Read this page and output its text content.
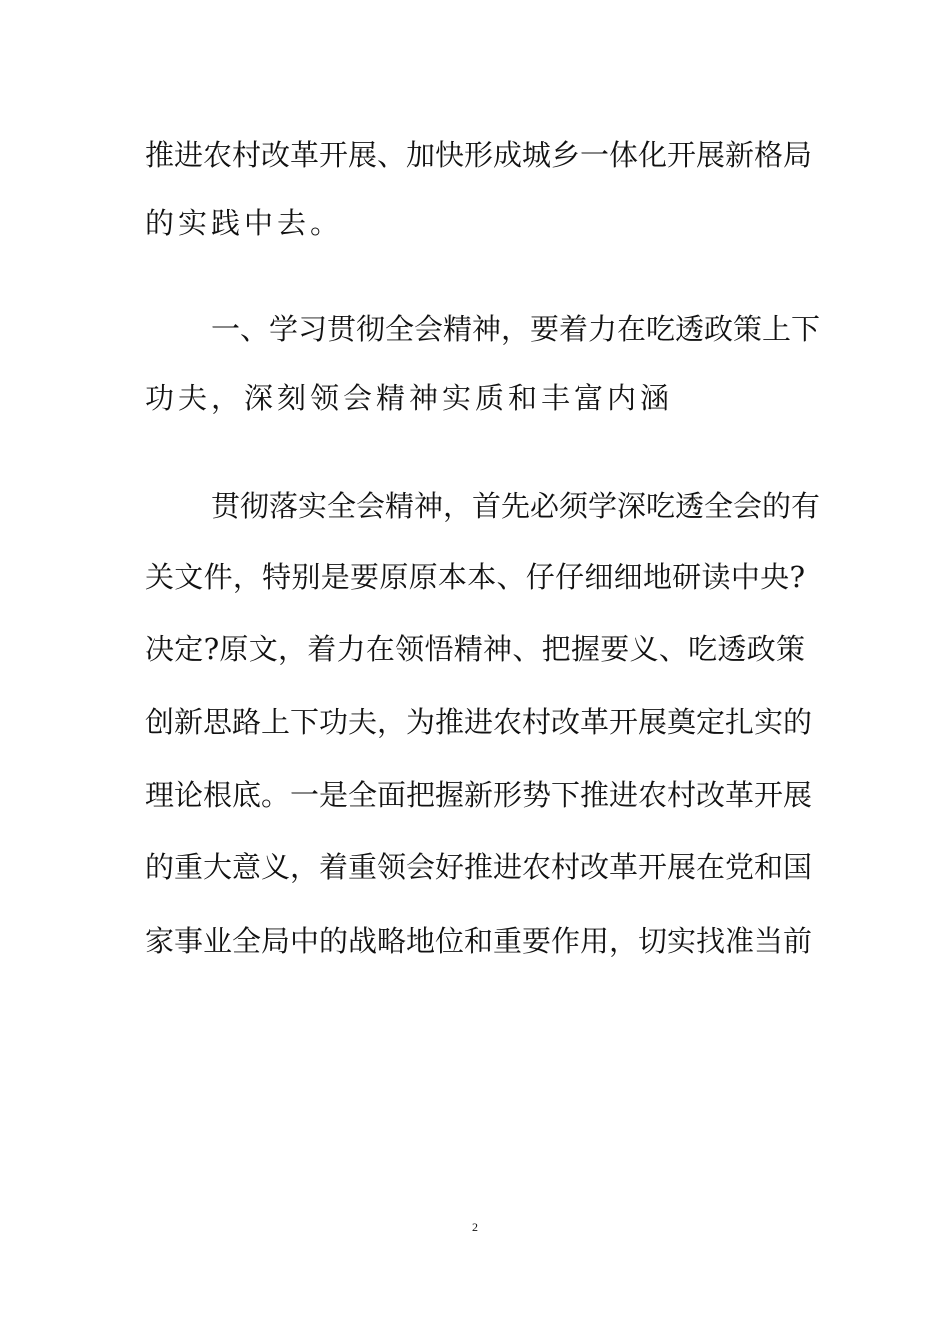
推进农村改革开展、加快形成城乡一体化开展新格局
的实践中去。
一、学习贯彻全会精神，要着力在吃透政策上下
功夫，深刻领会精神实质和丰富内涵
贯彻落实全会精神，首先必须学深吃透全会的有
关文件，特别是要原原本本、仔仔细细地研读中央?
决定?原文，着力在领悟精神、把握要义、吃透政策
创新思路上下功夫，为推进农村改革开展奠定扎实的
理论根底。一是全面把握新形势下推进农村改革开展
的重大意义，着重领会好推进农村改革开展在党和国
家事业全局中的战略地位和重要作用，切实找准当前
2
